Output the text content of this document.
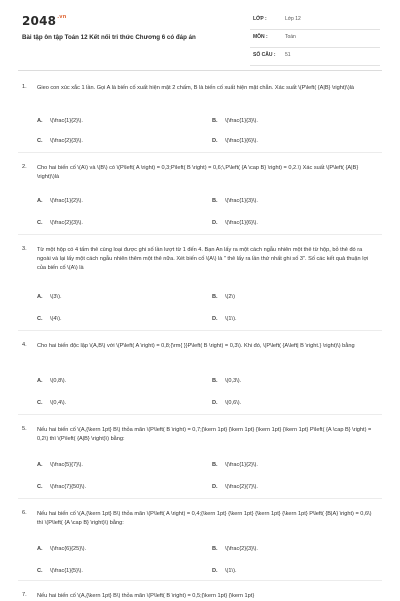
$2048^{.vn}$
Bài tập ôn tập Toán 12 Kết nối tri thức Chương 6 có đáp án
LỚP :	Lớp 12
MÔN :	Toán
SỐ CÂU : 51
1. Gieo con xúc xắc 1 lần. Gọi A là biến cố xuất hiện mặt 2 chấm, B là biến cố xuất hiện mặt chẵn. Xác suất \(P\left( {A|B} \right)\)là
A. \(\frac{1}{2}\).	B. \(\frac{1}{3}\).
C. \(\frac{2}{3}\).	D. \(\frac{1}{6}\).
2. Cho hai biến cố \(A\) và \(B\) có \(P\left( A \right) = 0,3;P\left( B \right) = 0,6;\,P\left( {A \cap B} \right) = 0,2.\) Xác suất \(P\left( {A|B} \right)\)là
A. \(\frac{1}{2}\).	B. \(\frac{1}{3}\).
C. \(\frac{2}{3}\).	D. \(\frac{1}{6}\).
3. Từ một hộp có 4 tấm thẻ cùng loại được ghi số lần lượt từ 1 đến 4. Bạn An lấy ra một cách ngẫu nhiên một thẻ từ hộp, bỏ thẻ đó ra ngoài và lại lấy một cách ngẫu nhiên thêm một thẻ nữa. Xét biến cố \(A\) là " thẻ lấy ra lần thứ nhất ghi số 3". Số các kết quả thuận lợi của biến cố \(A\) là
A. \(3\).	B. \(2\)
C. \(4\).	D. \(1\).
4. Cho hai biến độc lập \(A,B\) với \(P\left( A \right) = 0,8;{\rm{ }}P\left( B \right) = 0,3\). Khi đó, \(P\left( {A\left| B \right.} \right)\) bằng
A. \(0,8\).	B. \(0,3\).
C. \(0,4\).	D. \(0,6\).
5. Nếu hai biến cố \(A,{\kern 1pt} B\) thỏa mãn \(P\left( B \right) = 0,7;{\kern 1pt} {\kern 1pt} {\kern 1pt} {\kern 1pt} P\left( {A \cap B} \right) = 0,2\) thì \(P\left( {A|B} \right)\) bằng:
A. \(\frac{5}{7}\).	B. \(\frac{1}{2}\).
C. \(\frac{7}{50}\).	D. \(\frac{2}{7}\).
6. Nếu hai biến cố \(A,{\kern 1pt} B\) thỏa mãn \(P\left( A \right) = 0,4;{\kern 1pt} {\kern 1pt} {\kern 1pt} {\kern 1pt} P\left( {B|A} \right) = 0,6\) thì \(P\left( {A \cap B} \right)\) bằng:
A. \(\frac{6}{25}\).	B. \(\frac{2}{3}\).
C. \(\frac{1}{5}\).	D. \(1\).
7. Nếu hai biến cố \(A,{\kern 1pt} B\) thỏa mãn \(P\left( B \right) = 0,5;{\kern 1pt} {\kern 1pt}
